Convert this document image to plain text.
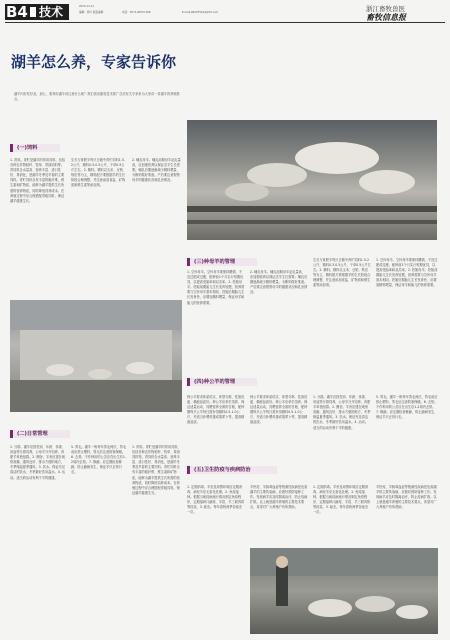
B4 技术	2015.11.21
编辑：徐叶 版面编辑：	电话：0571-86757168	E-mail:99297510@163.com	浙江畜牧兽医
畜牧信息报
湖羊怎么养，专家告诉你
湖羊肉好吃好卖，那么，要养好湖羊该注意什么呢？我们请省畜牧技术推广总站有关专家来为大家讲一讲湖羊的养殖要点。
(一)饲料
1. 青料。青贮是湖羊的常用饲料，包括各种农作物秸秆、牧草、青绿饲料等。青饲料含水量高、营养丰富、适口性好、易消化，是湖羊冬季及早春的主要饲料。青贮饲料含有丰富的粗纤维、维生素和矿物质，能够为湖羊提供生长所需的营养物质，同时降低饲养成本。在养殖过程中应合理搭配青粗饲料，保证湖羊健康生长。
生长与育肥羊每只日粮中青贮饲料1.5-2公斤，精料0.3-0.5公斤，干草0.5公斤左右。2. 精料。精料以玉米、豆粕、麸皮等为主，精料配方要根据羊的生长阶段合理调整，并注意添加食盐、矿物质和维生素等添加剂。
2. 哺乳母羊。哺乳前期母羊泌乳量高，应加强营养以保证羔羊生长需要；哺乳后期逐渐减少精料喂量，为断奶做好准备。产后要注意观察母羊的健康状况和乳房情况。
(三)种母羊的管理
1. 空怀母羊。空怀母羊要保持膘情，不宜过肥或过瘦，配种前1个月实行短期优饲，以提高受胎率和双羔率。2. 妊娠母羊。妊娠前期胎儿生长发育较慢，营养需要与空怀母羊基本相同，妊娠后期胎儿生长发育快，应增加精料喂量，保证母羊和胎儿的营养需要。
2. 哺乳母羊。哺乳前期母羊泌乳量高，应加强营养以保证羔羊生长需要；哺乳后期逐渐减少精料喂量，为断奶做好准备。产后要注意观察母羊的健康状况和乳房情况。
生长与育肥羊每只日粮中青贮饲料1.5-2公斤，精料0.3-0.5公斤，干草0.5公斤左右。2. 精料。精料以玉米、豆粕、麸皮等为主，精料配方要根据羊的生长阶段合理调整，并注意添加食盐、矿物质和维生素等添加剂。
1. 空怀母羊。空怀母羊要保持膘情，不宜过肥或过瘦，配种前1个月实行短期优饲，以提高受胎率和双羔率。2. 妊娠母羊。妊娠前期胎儿生长发育较慢，营养需要与空怀母羊基本相同，妊娠后期胎儿生长发育快，应增加精料喂量，保证母羊和胎儿的营养需要。
(四)种公羊的管理
种公羊要求体质结实、体型匀称、性欲旺盛、精液品质好。种公羊应单栏饲养，保证适量运动，饲喂营养全面的日粮，配种期每只公羊每日需补饲精料0.5-1.0公斤，并适当补喂鸡蛋或胡萝卜等，提高精液品质。
种公羊要求体质结实、体型匀称、性欲旺盛、精液品质好。种公羊应单栏饲养，保证适量运动，饲喂营养全面的日粮，配种期每只公羊每日需补饲精料0.5-1.0公斤，并适当补喂鸡蛋或胡萝卜等，提高精液品质。
1. 分群。湖羊应按性别、年龄、体重、用途等分群饲养，公母羊分开饲养，育肥羊单独组群。2. 圈舍。羊舍应建在地势高燥、通风良好、排水方便的地方，冬季保温夏季通风。3. 饮水。保证充足清洁的饮水，冬季最好饮用温水。4. 运动。适当的运动有利于羊的健康。
5. 剪毛。湖羊一般每年剪毛两次，剪毛前应停止喂料，剪毛后注意防寒保暖。6. 去势。不作种用的公羔应在出生后1-2周内去势。7. 修蹄。应定期检查修蹄，防止蹄病发生，保证羊只正常行走。
(二)日常管理
1. 分群。湖羊应按性别、年龄、体重、用途等分群饲养，公母羊分开饲养，育肥羊单独组群。2. 圈舍。羊舍应建在地势高燥、通风良好、排水方便的地方，冬季保温夏季通风。3. 饮水。保证充足清洁的饮水，冬季最好饮用温水。4. 运动。适当的运动有利于羊的健康。
5. 剪毛。湖羊一般每年剪毛两次，剪毛前应停止喂料，剪毛后注意防寒保暖。6. 去势。不作种用的公羔应在出生后1-2周内去势。7. 修蹄。应定期检查修蹄，防止蹄病发生，保证羊只正常行走。
1. 青料。青贮是湖羊的常用饲料，包括各种农作物秸秆、牧草、青绿饲料等。青饲料含水量高、营养丰富、适口性好、易消化，是湖羊冬季及早春的主要饲料。青贮饲料含有丰富的粗纤维、维生素和矿物质，能够为湖羊提供生长所需的营养物质，同时降低饲养成本。在养殖过程中应合理搭配青粗饲料，保证湖羊健康生长。
(五)卫生防疫与疾病防治
1. 定期消毒。羊舍及周围环境应定期消毒，病死羊应无害化处理。2. 免疫接种。根据当地疫病流行情况制定免疫程序，定期接种口蹄疫、羊痘、羊三联四防等疫苗。3. 驱虫。每年春秋两季各驱虫一次。
羊快疫、羊肠毒血症等梭菌性疾病是危害湖羊的主要传染病，应做好预防接种工作。发现病羊应及时隔离治疗，防止疫病扩散。以上就是湖羊养殖的主要技术要点，希望对广大养殖户有所帮助。
1. 定期消毒。羊舍及周围环境应定期消毒，病死羊应无害化处理。2. 免疫接种。根据当地疫病流行情况制定免疫程序，定期接种口蹄疫、羊痘、羊三联四防等疫苗。3. 驱虫。每年春秋两季各驱虫一次。
羊快疫、羊肠毒血症等梭菌性疾病是危害湖羊的主要传染病，应做好预防接种工作。发现病羊应及时隔离治疗，防止疫病扩散。以上就是湖羊养殖的主要技术要点，希望对广大养殖户有所帮助。
